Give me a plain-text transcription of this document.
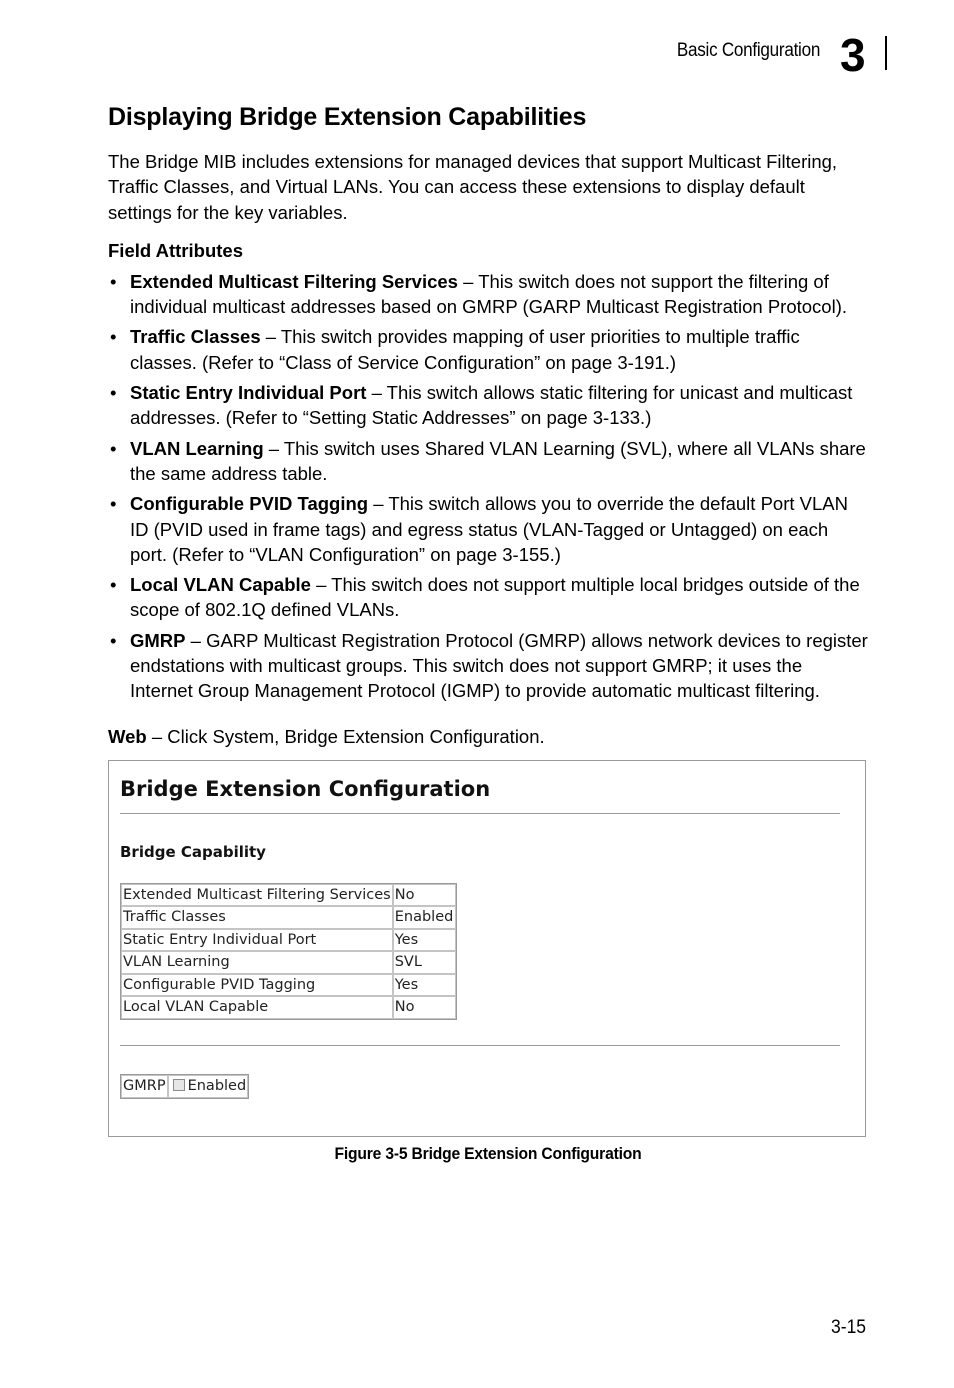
Basic Configuration 3
Displaying Bridge Extension Capabilities

The Bridge MIB includes extensions for managed devices that support Multicast Filtering, Traffic Classes, and Virtual LANs. You can access these extensions to display default settings for the key variables.

Field Attributes
• Extended Multicast Filtering Services – This switch does not support the filtering of individual multicast addresses based on GMRP (GARP Multicast Registration Protocol).
• Traffic Classes – This switch provides mapping of user priorities to multiple traffic classes. (Refer to “Class of Service Configuration” on page 3-191.)
• Static Entry Individual Port – This switch allows static filtering for unicast and multicast addresses. (Refer to “Setting Static Addresses” on page 3-133.)
• VLAN Learning – This switch uses Shared VLAN Learning (SVL), where all VLANs share the same address table.
• Configurable PVID Tagging – This switch allows you to override the default Port VLAN ID (PVID used in frame tags) and egress status (VLAN-Tagged or Untagged) on each port. (Refer to “VLAN Configuration” on page 3-155.)
• Local VLAN Capable – This switch does not support multiple local bridges outside of the scope of 802.1Q defined VLANs.
• GMRP – GARP Multicast Registration Protocol (GMRP) allows network devices to register endstations with multicast groups. This switch does not support GMRP; it uses the Internet Group Management Protocol (IGMP) to provide automatic multicast filtering.

Web – Click System, Bridge Extension Configuration.

Bridge Extension Configuration
Bridge Capability
Extended Multicast Filtering Services	No
Traffic Classes	Enabled
Static Entry Individual Port	Yes
VLAN Learning	SVL
Configurable PVID Tagging	Yes
Local VLAN Capable	No
GMRP	Enabled
Figure 3-5 Bridge Extension Configuration
3-15
